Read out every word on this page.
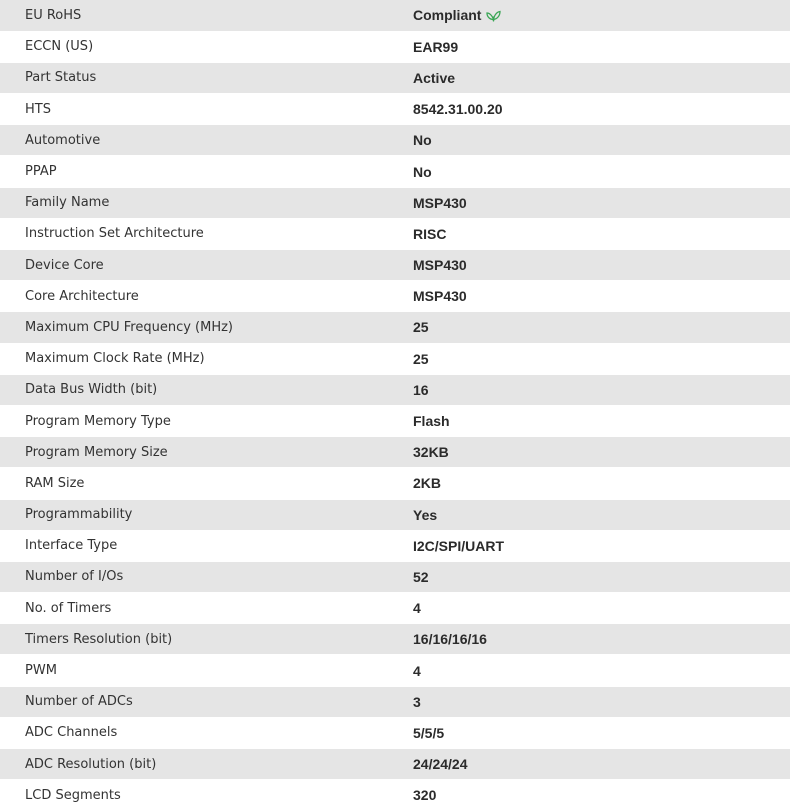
EU RoHS	Compliant

ECCN (US)	EAR99
Part Status	Active
HTS	8542.31.00.20
Automotive	No
PPAP	No
Family Name	MSP430
Instruction Set Architecture	RISC
Device Core	MSP430
Core Architecture	MSP430
Maximum CPU Frequency (MHz)	25
Maximum Clock Rate (MHz)	25
Data Bus Width (bit)	16
Program Memory Type	Flash
Program Memory Size	32KB
RAM Size	2KB
Programmability	Yes
Interface Type	I2C/SPI/UART
Number of I/Os	52
No. of Timers	4
Timers Resolution (bit)	16/16/16/16
PWM	4
Number of ADCs	3
ADC Channels	5/5/5
ADC Resolution (bit)	24/24/24
LCD Segments	320
